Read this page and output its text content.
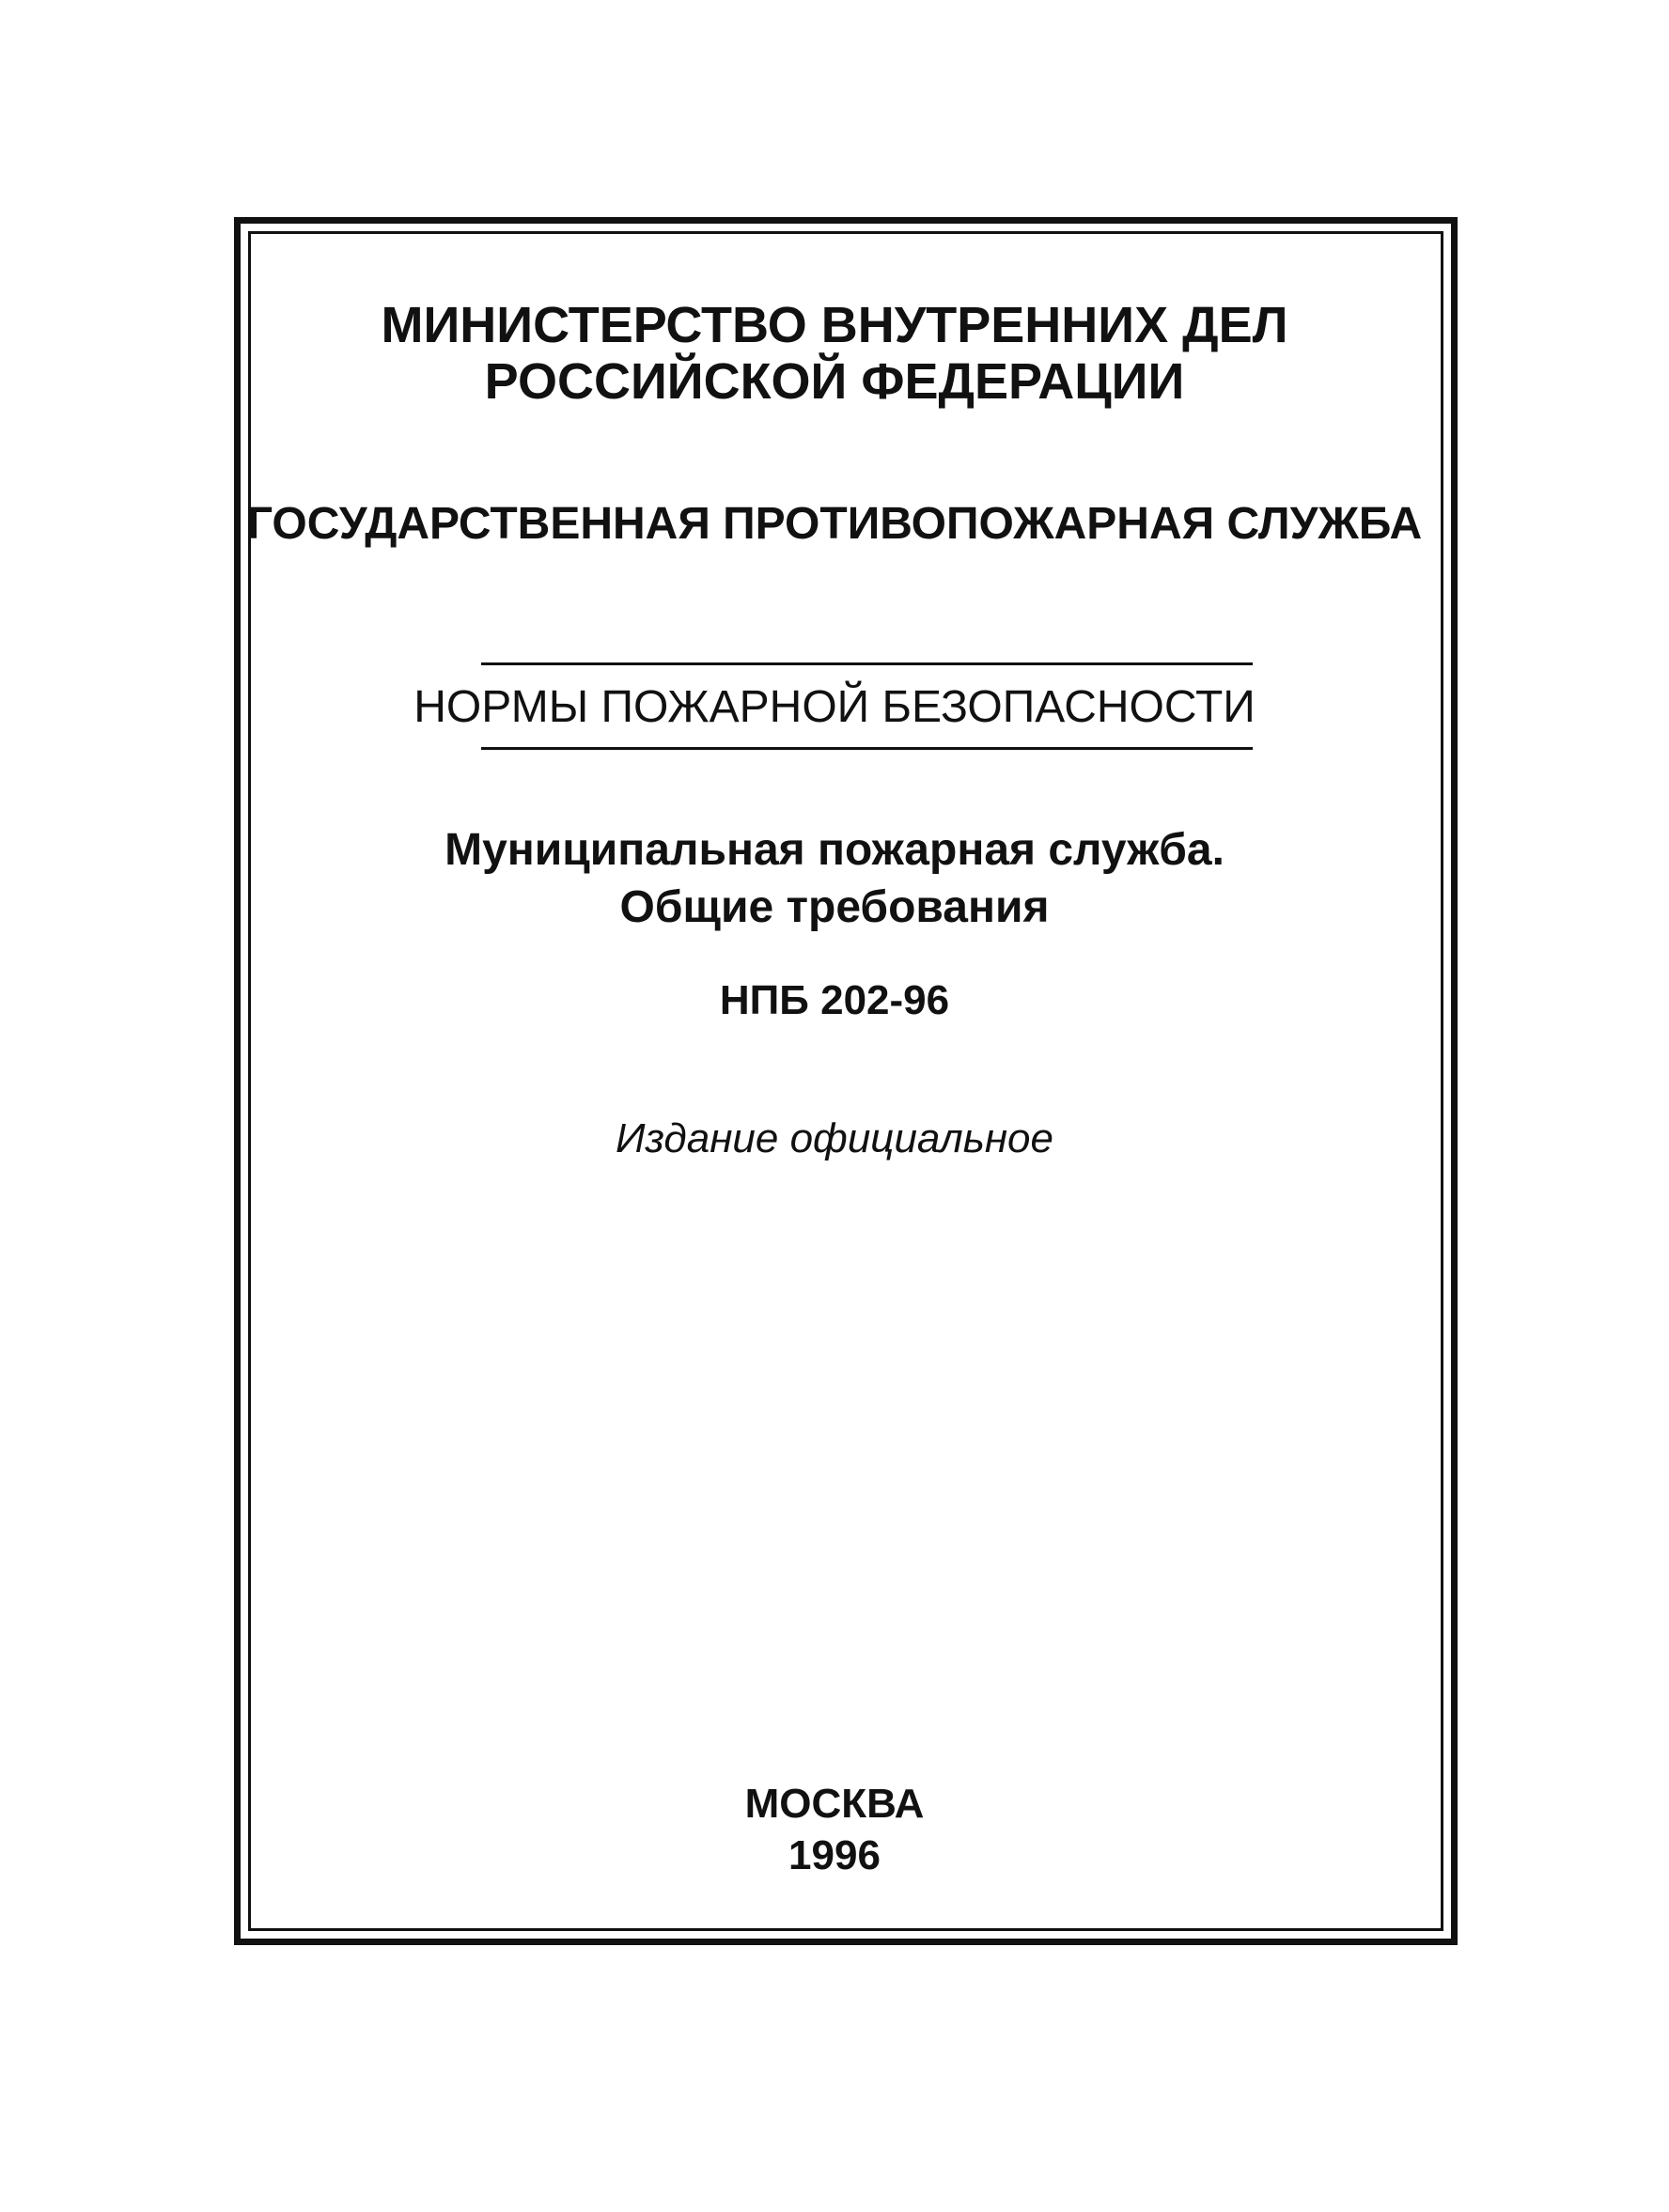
МИНИСТЕРСТВО ВНУТРЕННИХ ДЕЛ
РОССИЙСКОЙ ФЕДЕРАЦИИ
ГОСУДАРСТВЕННАЯ ПРОТИВОПОЖАРНАЯ СЛУЖБА
НОРМЫ ПОЖАРНОЙ БЕЗОПАСНОСТИ
Муниципальная пожарная служба.
Общие требования
НПБ 202-96
Издание официальное
МОСКВА
1996
